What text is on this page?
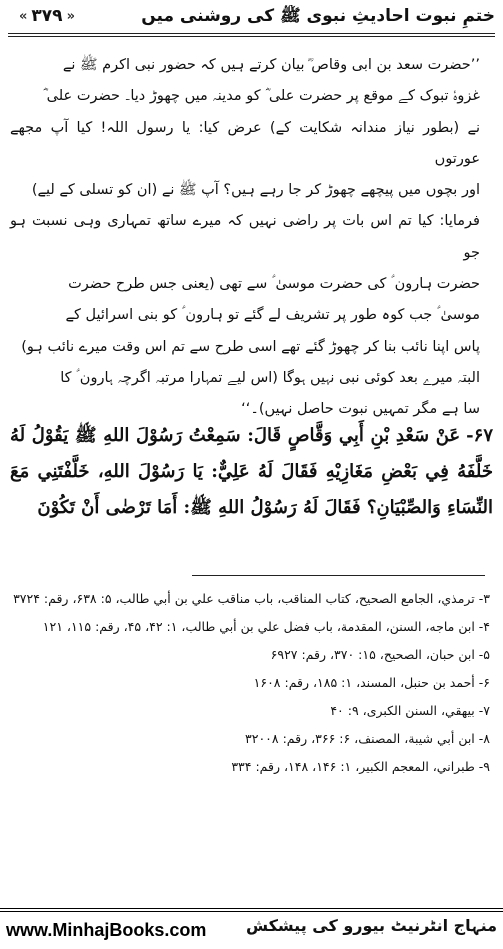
ختمِ نبوت احادیثِ نبوی ﷺ کی روشنی میں
« ۳۷۹ »

’’حضرت سعد بن ابی وقاص ؓ بیان کرتے ہیں کہ حضور نبی اکرم ﷺ نے

غزوۂ تبوک کے موقع پر حضرت علی ؓ کو مدینہ میں چھوڑ دیا۔ حضرت علی ؓ

نے (بطور نیاز مندانہ شکایت کے) عرض کیا: یا رسول اللہ! کیا آپ مجھے عورتوں

اور بچوں میں پیچھے چھوڑ کر جا رہے ہیں؟ آپ ﷺ نے (ان کو تسلی کے لیے)

فرمایا: کیا تم اس بات پر راضی نہیں کہ میرے ساتھ تمہاری وہی نسبت ہو جو

حضرت ہارون ؑ کی حضرت موسیٰ ؑ سے تھی (یعنی جس طرح حضرت

موسیٰ ؑ جب کوہ طور پر تشریف لے گئے تو ہارون ؑ کو بنی اسرائیل کے

پاس اپنا نائب بنا کر چھوڑ گئے تھے اسی طرح سے تم اس وقت میرے نائب ہو)

البتہ میرے بعد کوئی نبی نہیں ہوگا (اس لیے تمہارا مرتبہ اگرچہ ہارون ؑ کا

سا ہے مگر تمہیں نبوت حاصل نہیں)۔‘‘

۶۷-عَنْ سَعْدِ بْنِ أَبِي وَقَّاصٍ قَالَ: سَمِعْتُ رَسُوْلَ اللهِ ﷺ يَقُوْلُ لَهُ خَلَّفَهُ فِي بَعْضِ مَغَازِيْهِ فَقَالَ لَهُ عَلِيٌّ: يَا رَسُوْلَ اللهِ، خَلَّفْتَنِي مَعَ النِّسَاءِ وَالصِّبْيَانِ؟ فَقَالَ لَهُ رَسُوْلُ اللهِ ﷺ: أَمَا تَرْضٰى أَنْ تَكُوْنَ

۳- ترمذي، الجامع الصحيح، كتاب المناقب، باب مناقب علي بن أبي طالب، ۵: ۶۳۸، رقم: ۳۷۲۴

۴- ابن ماجه، السنن، المقدمة، باب فضل علي بن أبي طالب، ۱: ۴۲، ۴۵، رقم: ۱۱۵، ۱۲۱

۵- ابن حبان، الصحيح، ۱۵: ۳۷۰، رقم: ۶۹۲۷

۶- أحمد بن حنبل، المسند، ۱: ۱۸۵، رقم: ۱۶۰۸

۷- بيهقي، السنن الكبرى، ۹: ۴۰

۸- ابن أبي شيبة، المصنف، ۶: ۳۶۶، رقم: ۳۲۰۰۸

۹- طبراني، المعجم الكبير، ۱: ۱۴۶، ۱۴۸، رقم: ۳۳۴

www.MinhajBooks.com	منہاج انٹرنیٹ بیورو کی پیشکش
